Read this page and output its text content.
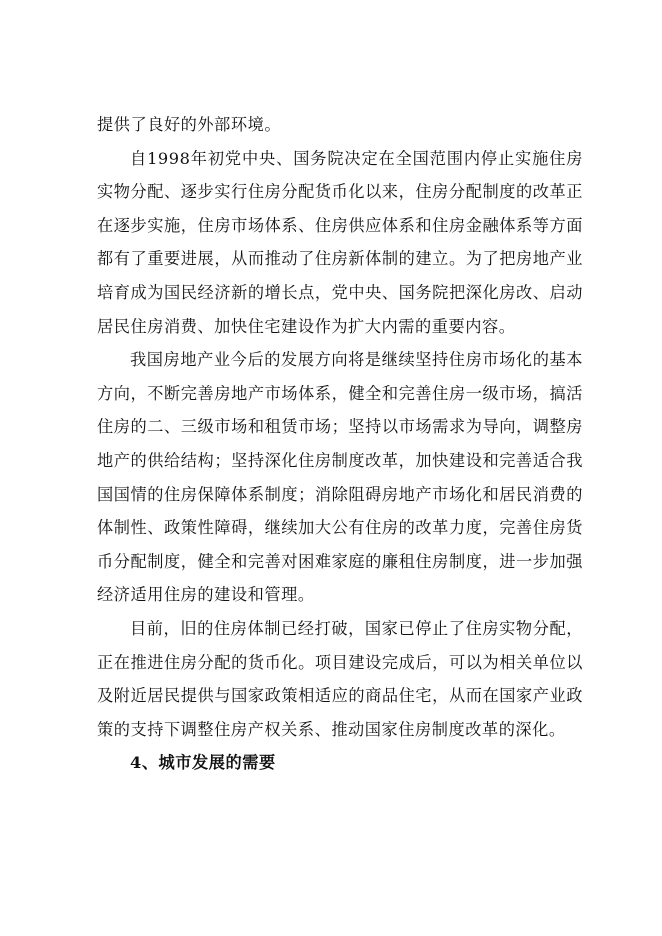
提供了良好的外部环境。

自1998年初党中央、国务院决定在全国范围内停止实施住房实物分配、逐步实行住房分配货币化以来，住房分配制度的改革正在逐步实施，住房市场体系、住房供应体系和住房金融体系等方面都有了重要进展，从而推动了住房新体制的建立。为了把房地产业培育成为国民经济新的增长点，党中央、国务院把深化房改、启动居民住房消费、加快住宅建设作为扩大内需的重要内容。

我国房地产业今后的发展方向将是继续坚持住房市场化的基本方向，不断完善房地产市场体系，健全和完善住房一级市场，搞活住房的二、三级市场和租赁市场；坚持以市场需求为导向，调整房地产的供给结构；坚持深化住房制度改革，加快建设和完善适合我国国情的住房保障体系制度；消除阻碍房地产市场化和居民消费的体制性、政策性障碍，继续加大公有住房的改革力度，完善住房货币分配制度，健全和完善对困难家庭的廉租住房制度，进一步加强经济适用住房的建设和管理。

目前，旧的住房体制已经打破，国家已停止了住房实物分配，正在推进住房分配的货币化。项目建设完成后，可以为相关单位以及附近居民提供与国家政策相适应的商品住宅，从而在国家产业政策的支持下调整住房产权关系、推动国家住房制度改革的深化。

4、城市发展的需要
